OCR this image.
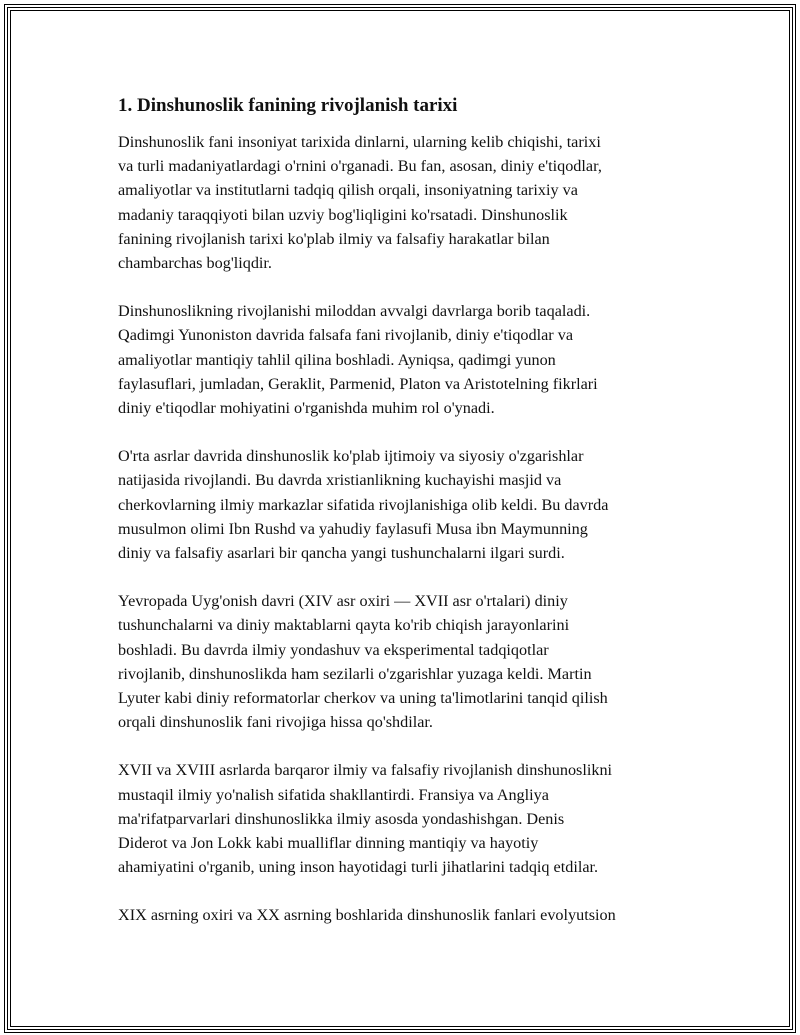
1. Dinshunoslik fanining rivojlanish tarixi

Dinshunoslik fani insoniyat tarixida dinlarni, ularning kelib chiqishi, tarixi
va turli madaniyatlardagi o'rnini o'rganadi. Bu fan, asosan, diniy e'tiqodlar,
amaliyotlar va institutlarni tadqiq qilish orqali, insoniyatning tarixiy va
madaniy taraqqiyoti bilan uzviy bog'liqligini ko'rsatadi. Dinshunoslik
fanining rivojlanish tarixi ko'plab ilmiy va falsafiy harakatlar bilan
chambarchas bog'liqdir.

Dinshunoslikning rivojlanishi miloddan avvalgi davrlarga borib taqaladi.
Qadimgi Yunoniston davrida falsafa fani rivojlanib, diniy e'tiqodlar va
amaliyotlar mantiqiy tahlil qilina boshladi. Ayniqsa, qadimgi yunon
faylasuflari, jumladan, Geraklit, Parmenid, Platon va Aristotelning fikrlari
diniy e'tiqodlar mohiyatini o'rganishda muhim rol o'ynadi.

O'rta asrlar davrida dinshunoslik ko'plab ijtimoiy va siyosiy o'zgarishlar
natijasida rivojlandi. Bu davrda xristianlikning kuchayishi masjid va
cherkovlarning ilmiy markazlar sifatida rivojlanishiga olib keldi. Bu davrda
musulmon olimi Ibn Rushd va yahudiy faylasufi Musa ibn Maymunning
diniy va falsafiy asarlari bir qancha yangi tushunchalarni ilgari surdi.

Yevropada Uyg'onish davri (XIV asr oxiri — XVII asr o'rtalari) diniy
tushunchalarni va diniy maktablarni qayta ko'rib chiqish jarayonlarini
boshladi. Bu davrda ilmiy yondashuv va eksperimental tadqiqotlar
rivojlanib, dinshunoslikda ham sezilarli o'zgarishlar yuzaga keldi. Martin
Lyuter kabi diniy reformatorlar cherkov va uning ta'limotlarini tanqid qilish
orqali dinshunoslik fani rivojiga hissa qo'shdilar.

XVII va XVIII asrlarda barqaror ilmiy va falsafiy rivojlanish dinshunoslikni
mustaqil ilmiy yo'nalish sifatida shakllantirdi. Fransiya va Angliya
ma'rifatparvarlari dinshunoslikka ilmiy asosda yondashishgan. Denis
Diderot va Jon Lokk kabi mualliflar dinning mantiqiy va hayotiy
ahamiyatini o'rganib, uning inson hayotidagi turli jihatlarini tadqiq etdilar.

XIX asrning oxiri va XX asrning boshlarida dinshunoslik fanlari evolyutsion
